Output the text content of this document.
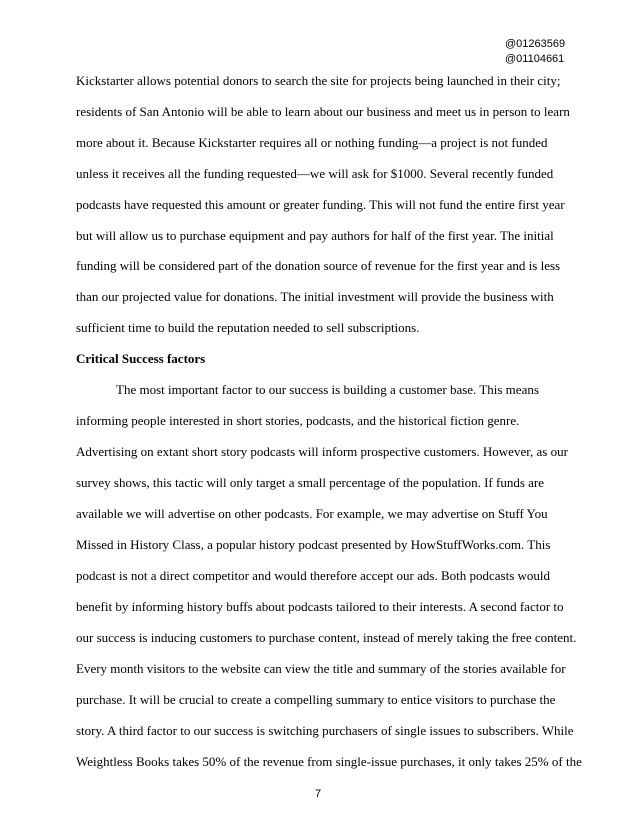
@01263569
@01104661
Kickstarter allows potential donors to search the site for projects being launched in their city;
residents of San Antonio will be able to learn about our business and meet us in person to learn
more about it. Because Kickstarter requires all or nothing funding—a project is not funded
unless it receives all the funding requested—we will ask for $1000. Several recently funded
podcasts have requested this amount or greater funding. This will not fund the entire first year
but will allow us to purchase equipment and pay authors for half of the first year. The initial
funding will be considered part of the donation source of revenue for the first year and is less
than our projected value for donations. The initial investment will provide the business with
sufficient time to build the reputation needed to sell subscriptions.
Critical Success factors
The most important factor to our success is building a customer base. This means
informing people interested in short stories, podcasts, and the historical fiction genre.
Advertising on extant short story podcasts will inform prospective customers. However, as our
survey shows, this tactic will only target a small percentage of the population. If funds are
available we will advertise on other podcasts. For example, we may advertise on Stuff You
Missed in History Class, a popular history podcast presented by HowStuffWorks.com. This
podcast is not a direct competitor and would therefore accept our ads. Both podcasts would
benefit by informing history buffs about podcasts tailored to their interests. A second factor to
our success is inducing customers to purchase content, instead of merely taking the free content.
Every month visitors to the website can view the title and summary of the stories available for
purchase. It will be crucial to create a compelling summary to entice visitors to purchase the
story. A third factor to our success is switching purchasers of single issues to subscribers. While
Weightless Books takes 50% of the revenue from single-issue purchases, it only takes 25% of the
7
